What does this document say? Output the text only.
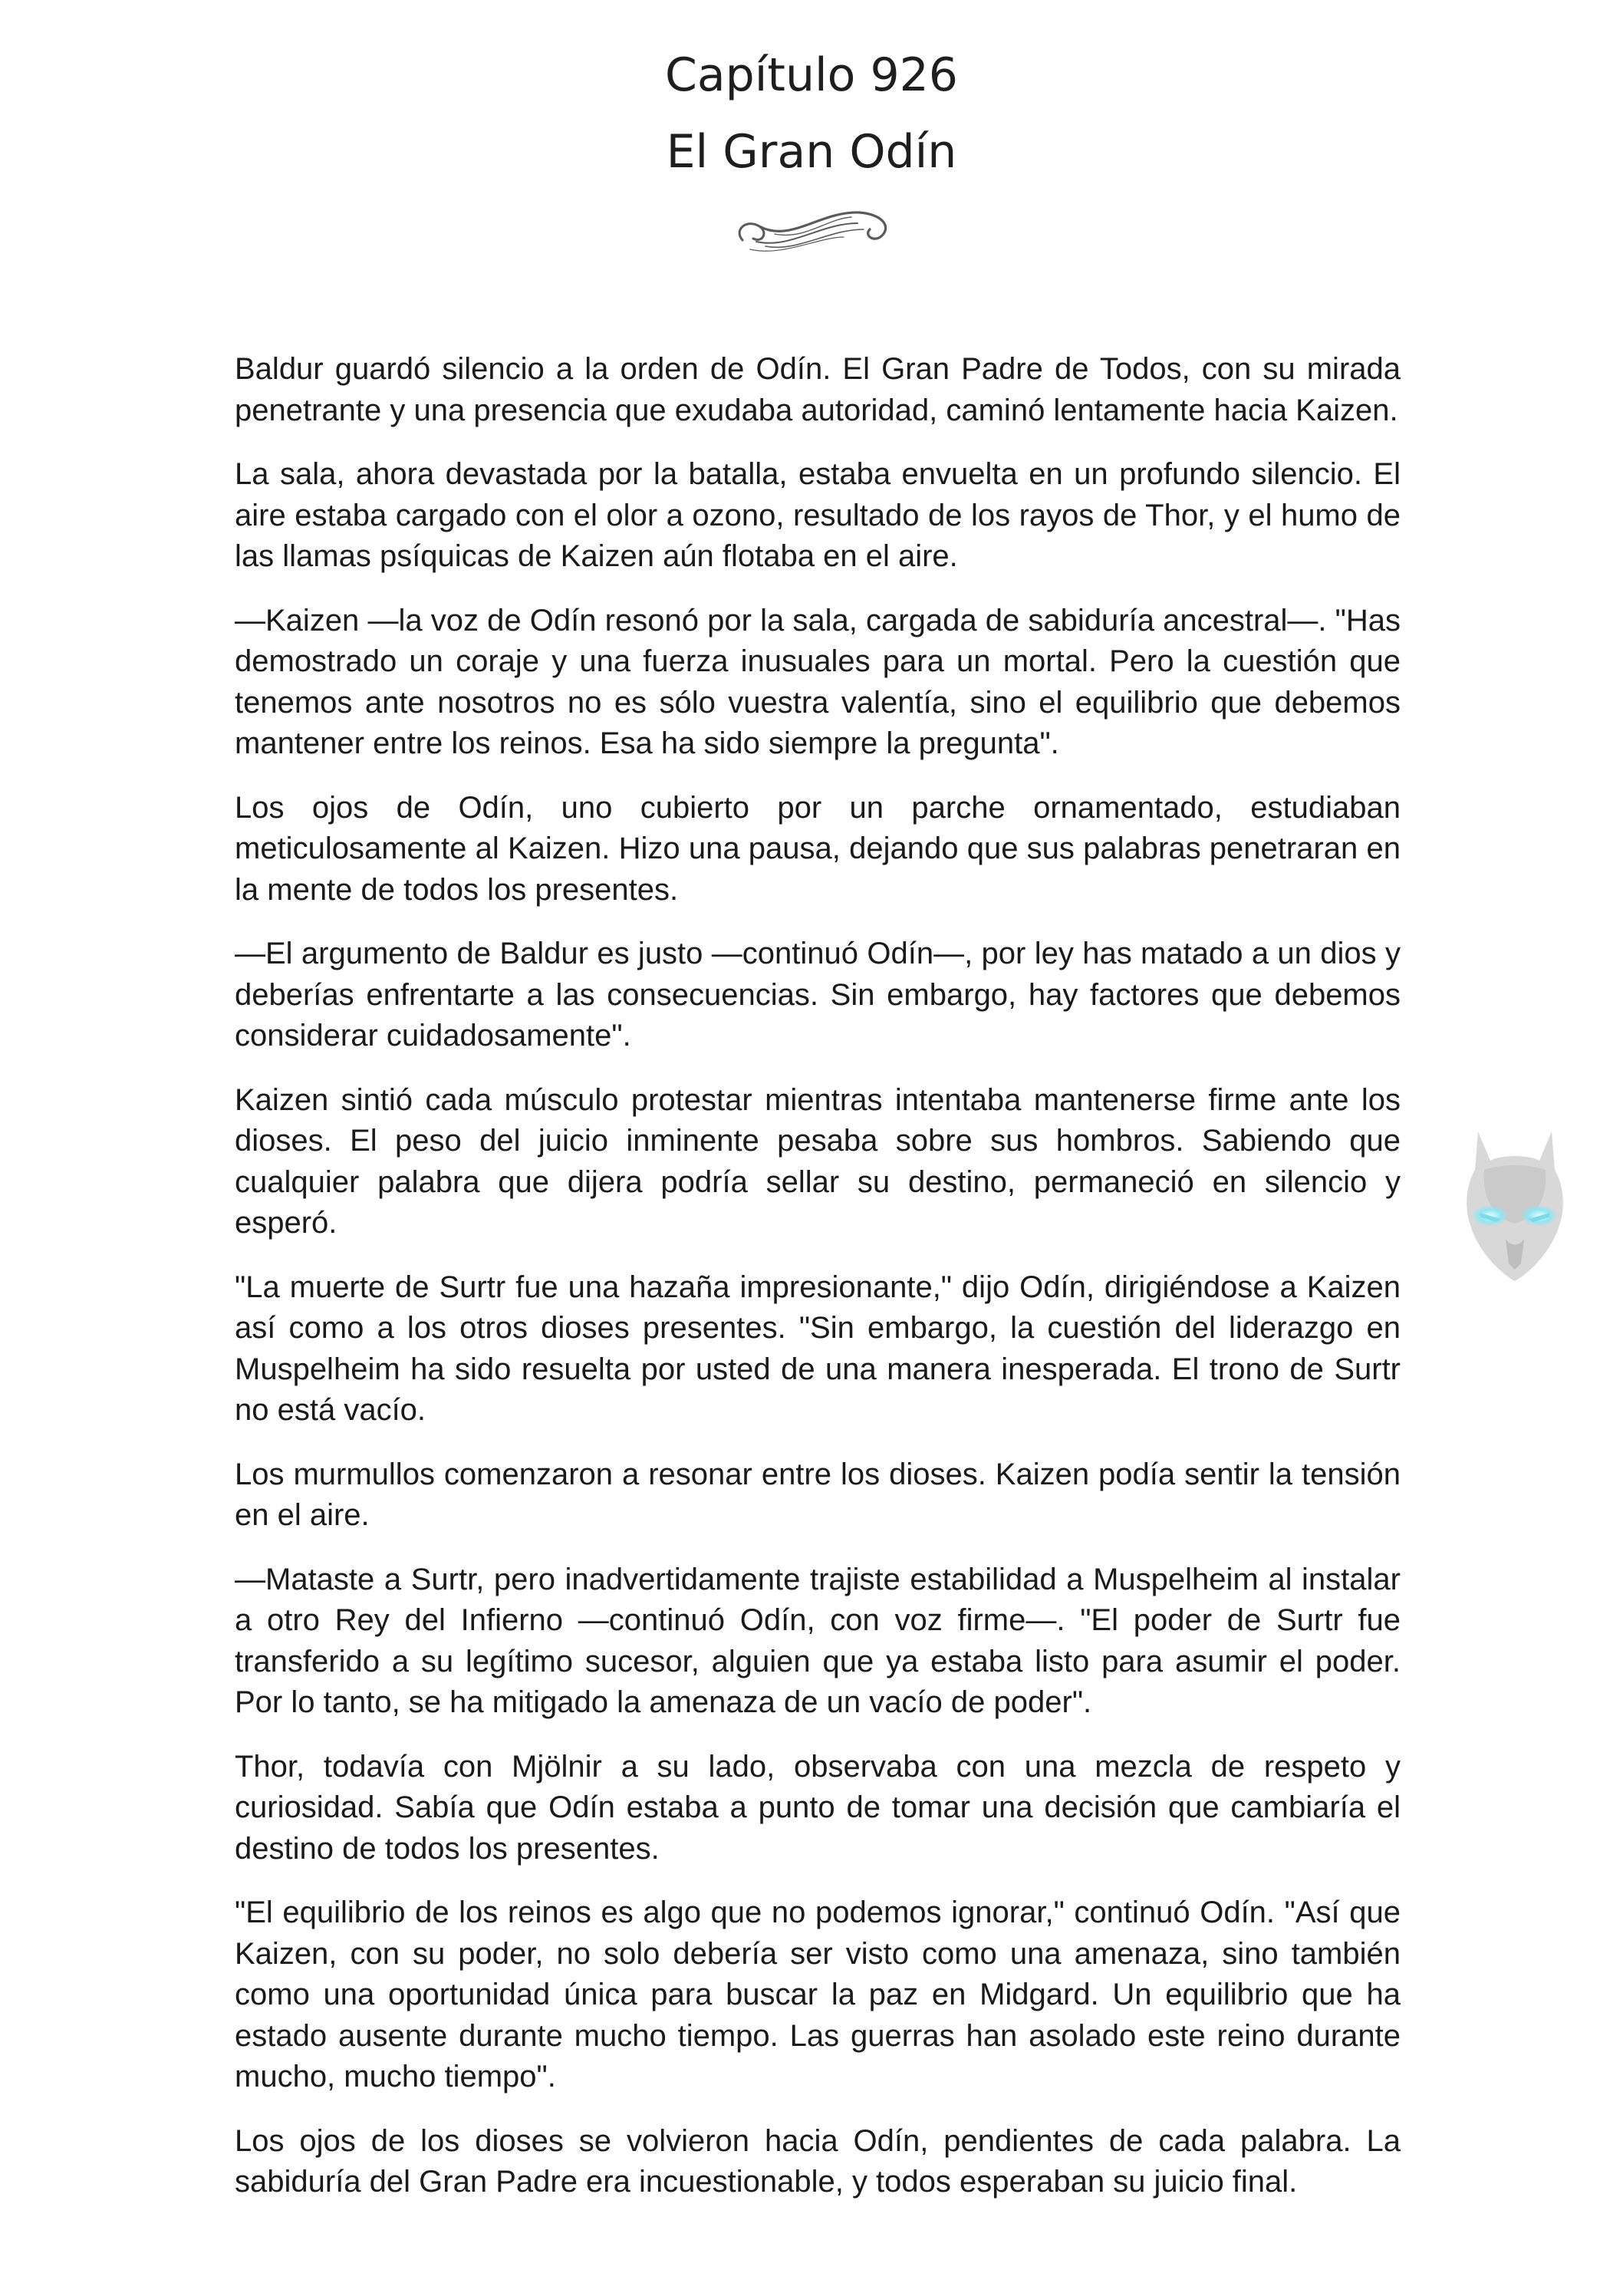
Capítulo 926
El Gran Odín

Baldur guardó silencio a la orden de Odín. El Gran Padre de Todos, con su mirada penetrante y una presencia que exudaba autoridad, caminó lentamente hacia Kaizen.

La sala, ahora devastada por la batalla, estaba envuelta en un profundo silencio. El aire estaba cargado con el olor a ozono, resultado de los rayos de Thor, y el humo de las llamas psíquicas de Kaizen aún flotaba en el aire.

—Kaizen —la voz de Odín resonó por la sala, cargada de sabiduría ancestral—. "Has demostrado un coraje y una fuerza inusuales para un mortal. Pero la cuestión que tenemos ante nosotros no es sólo vuestra valentía, sino el equilibrio que debemos mantener entre los reinos. Esa ha sido siempre la pregunta".

Los ojos de Odín, uno cubierto por un parche ornamentado, estudiaban meticulosamente al Kaizen. Hizo una pausa, dejando que sus palabras penetraran en la mente de todos los presentes.

—El argumento de Baldur es justo —continuó Odín—, por ley has matado a un dios y deberías enfrentarte a las consecuencias. Sin embargo, hay factores que debemos considerar cuidadosamente".

Kaizen sintió cada músculo protestar mientras intentaba mantenerse firme ante los dioses. El peso del juicio inminente pesaba sobre sus hombros. Sabiendo que cualquier palabra que dijera podría sellar su destino, permaneció en silencio y esperó.

"La muerte de Surtr fue una hazaña impresionante," dijo Odín, dirigiéndose a Kaizen así como a los otros dioses presentes. "Sin embargo, la cuestión del liderazgo en Muspelheim ha sido resuelta por usted de una manera inesperada. El trono de Surtr no está vacío.

Los murmullos comenzaron a resonar entre los dioses. Kaizen podía sentir la tensión en el aire.

—Mataste a Surtr, pero inadvertidamente trajiste estabilidad a Muspelheim al instalar a otro Rey del Infierno —continuó Odín, con voz firme—. "El poder de Surtr fue transferido a su legítimo sucesor, alguien que ya estaba listo para asumir el poder. Por lo tanto, se ha mitigado la amenaza de un vacío de poder".

Thor, todavía con Mjölnir a su lado, observaba con una mezcla de respeto y curiosidad. Sabía que Odín estaba a punto de tomar una decisión que cambiaría el destino de todos los presentes.

"El equilibrio de los reinos es algo que no podemos ignorar," continuó Odín. "Así que Kaizen, con su poder, no solo debería ser visto como una amenaza, sino también como una oportunidad única para buscar la paz en Midgard. Un equilibrio que ha estado ausente durante mucho tiempo. Las guerras han asolado este reino durante mucho, mucho tiempo".

Los ojos de los dioses se volvieron hacia Odín, pendientes de cada palabra. La sabiduría del Gran Padre era incuestionable, y todos esperaban su juicio final.
